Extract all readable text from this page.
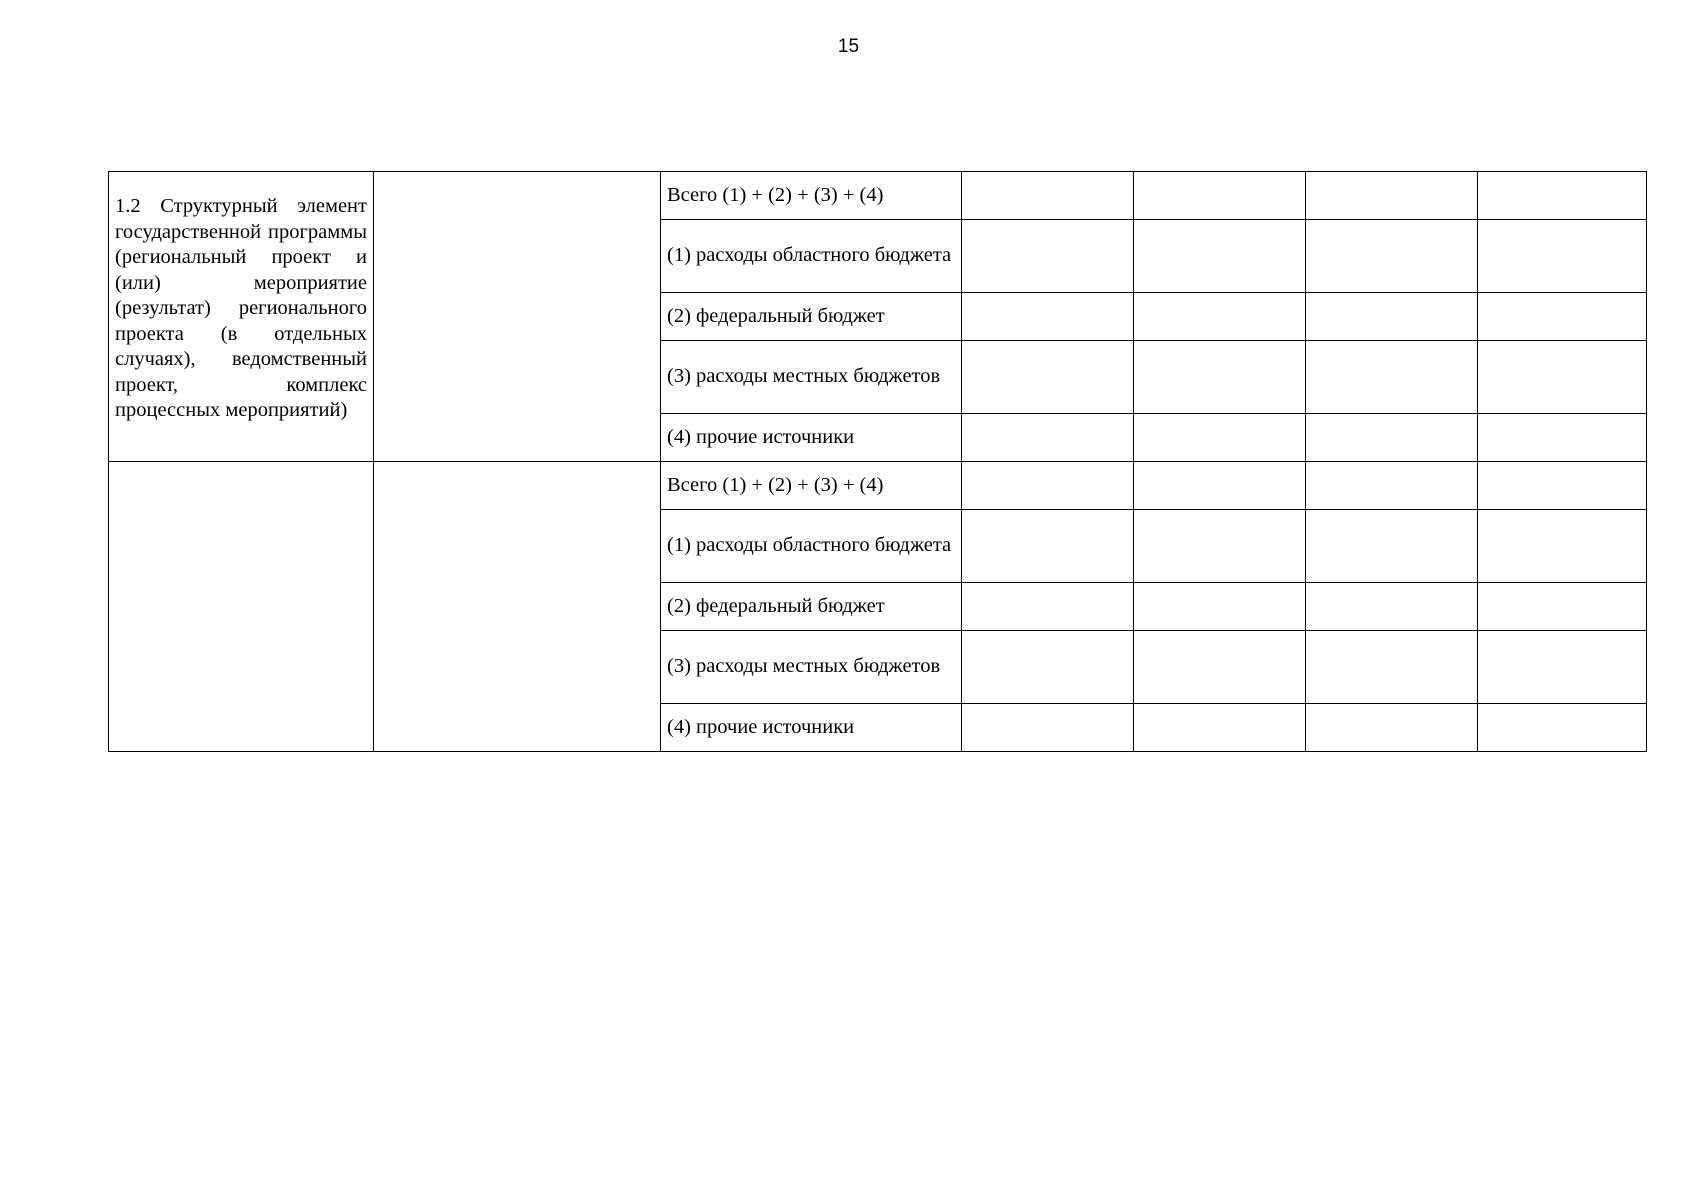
15
1.2 Структурный элемент государственной программы (региональный проект и (или) мероприятие (результат) регионального проекта (в отдельных случаях), ведомственный проект, комплекс процессных мероприятий)		Всего (1) + (2) + (3) + (4)				
		(1) расходы областного бюджета				
		(2) федеральный бюджет				
		(3) расходы местных бюджетов				
		(4) прочие источники				
		Всего (1) + (2) + (3) + (4)				
		(1) расходы областного бюджета				
		(2) федеральный бюджет				
		(3) расходы местных бюджетов				
		(4) прочие источники				
